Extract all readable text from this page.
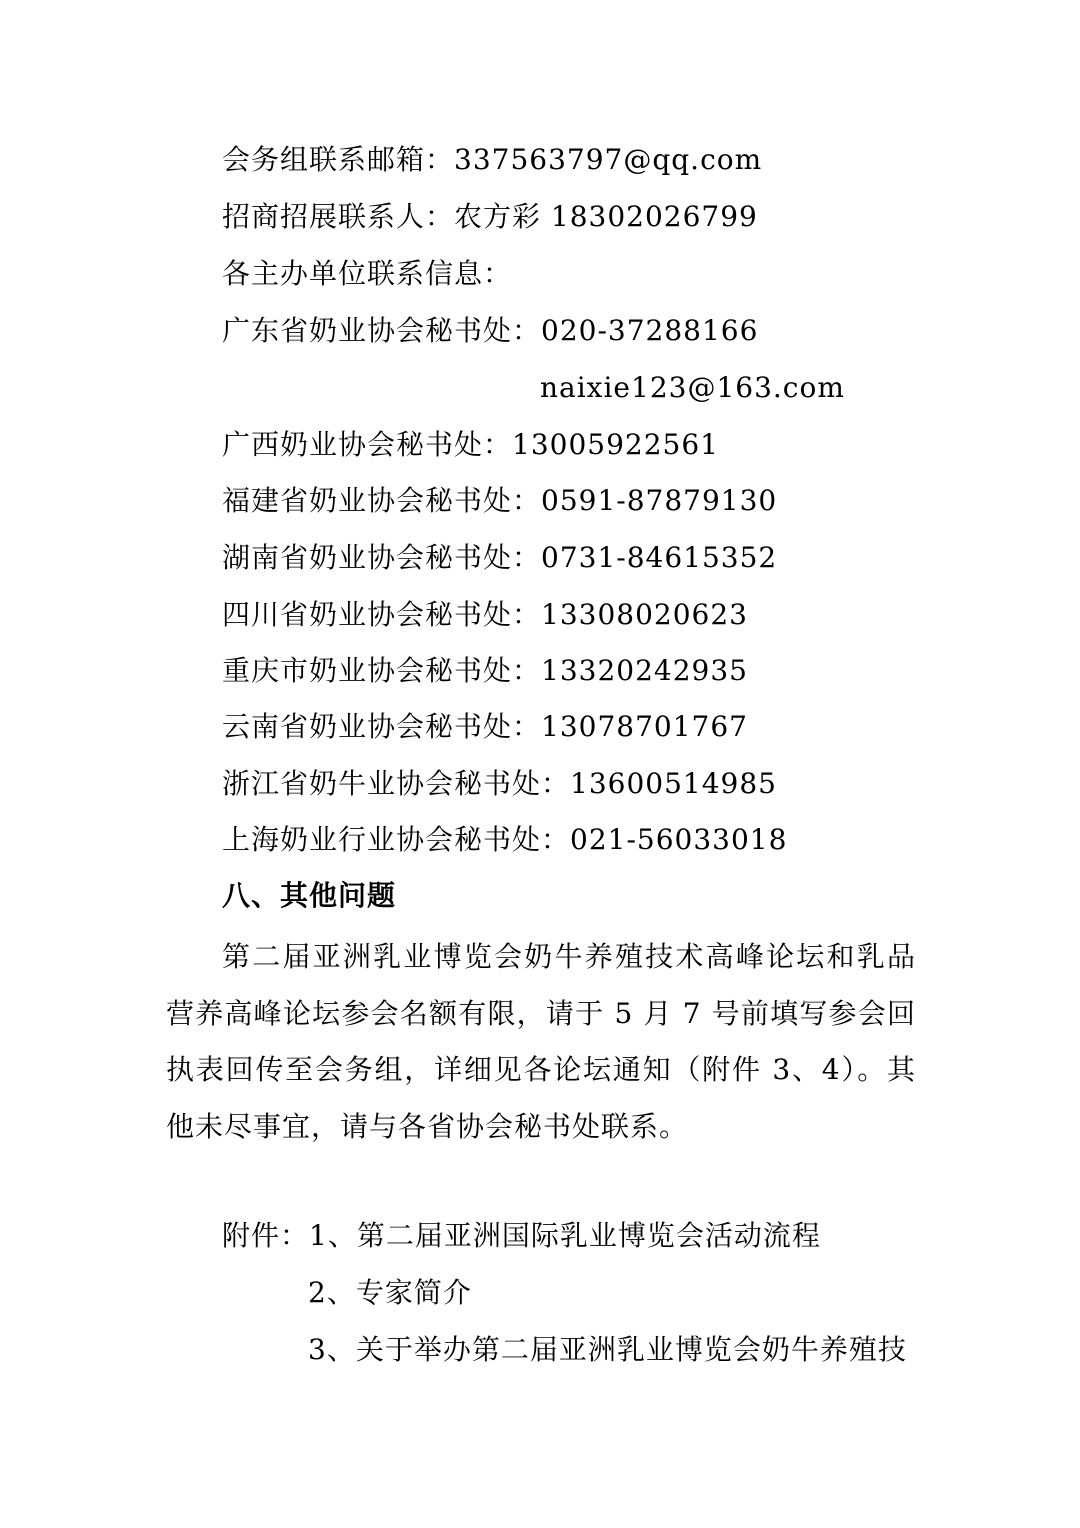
会务组联系邮箱：337563797@qq.com
招商招展联系人：农方彩 18302026799
各主办单位联系信息：
广东省奶业协会秘书处：020-37288166
naixie123@163.com
广西奶业协会秘书处：13005922561
福建省奶业协会秘书处：0591-87879130
湖南省奶业协会秘书处：0731-84615352
四川省奶业协会秘书处：13308020623
重庆市奶业协会秘书处：13320242935
云南省奶业协会秘书处：13078701767
浙江省奶牛业协会秘书处：13600514985
上海奶业行业协会秘书处：021-56033018
八、其他问题
第二届亚洲乳业博览会奶牛养殖技术高峰论坛和乳品营养高峰论坛参会名额有限，请于 5 月 7 号前填写参会回执表回传至会务组，详细见各论坛通知（附件 3、4）。其他未尽事宜，请与各省协会秘书处联系。
附件：1、第二届亚洲国际乳业博览会活动流程
2、专家简介
3、关于举办第二届亚洲乳业博览会奶牛养殖技
